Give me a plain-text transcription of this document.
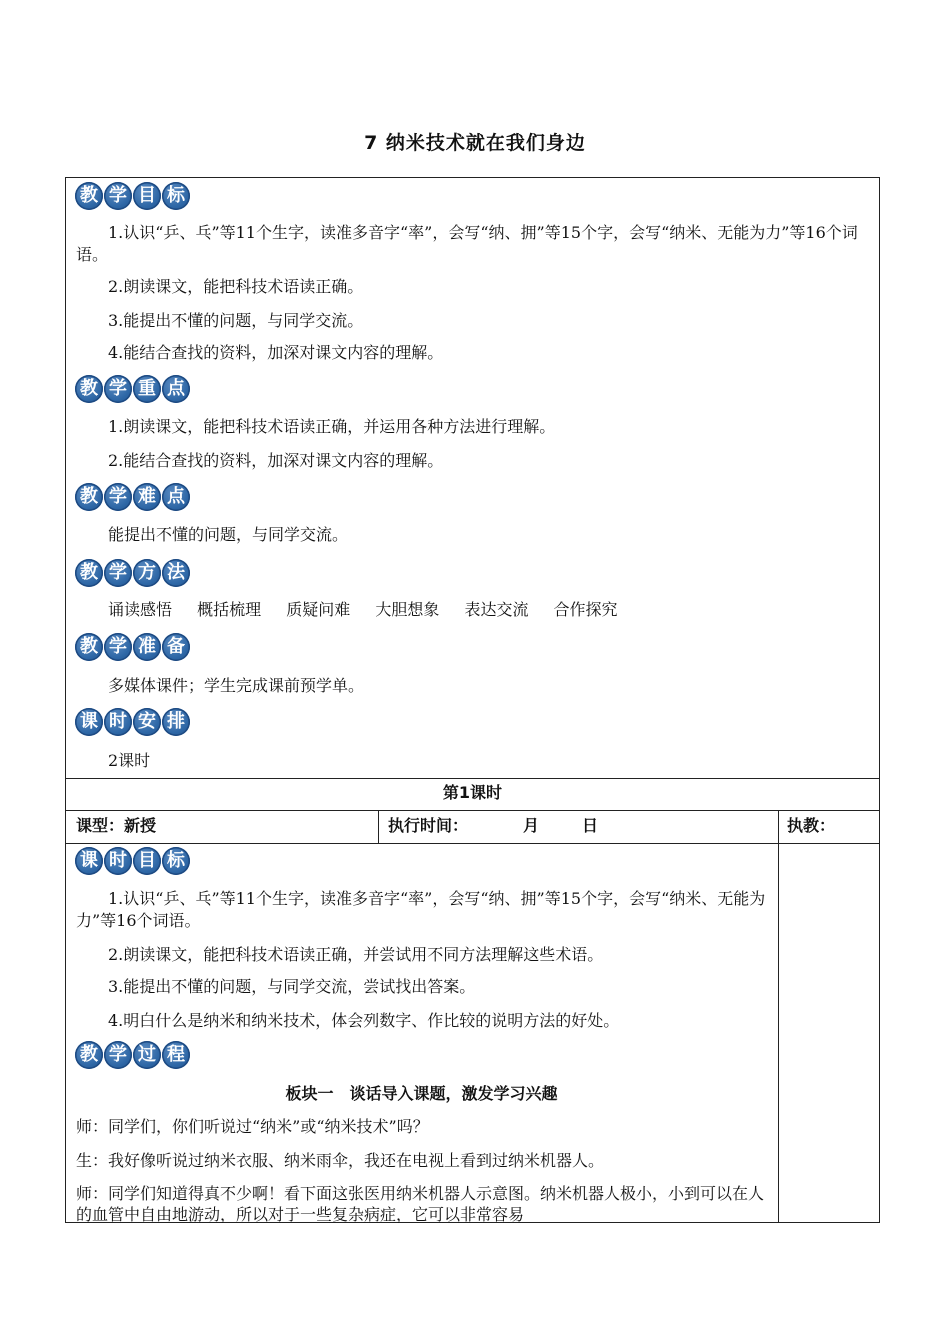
7 纳米技术就在我们身边
教 学 目 标
1.认识“乒、乓”等11个生字，读准多音字“率”，会写“纳、拥”等15个字，会写“纳米、无能为力”等16个词语。
2.朗读课文，能把科技术语读正确。
3.能提出不懂的问题，与同学交流。
4.能结合查找的资料，加深对课文内容的理解。
教 学 重 点
1.朗读课文，能把科技术语读正确，并运用各种方法进行理解。
2.能结合查找的资料，加深对课文内容的理解。
教 学 难 点
能提出不懂的问题，与同学交流。
教 学 方 法
诵读感悟 概括梳理 质疑问难 大胆想象 表达交流 合作探究
教 学 准 备
多媒体课件；学生完成课前预学单。
课 时 安 排
2课时
第1课时
课型：新授	执行时间：	月	日	执教：
课 时 目 标
1.认识“乒、乓”等11个生字，读准多音字“率”，会写“纳、拥”等15个字，会写“纳米、无能为力”等16个词语。
2.朗读课文，能把科技术语读正确，并尝试用不同方法理解这些术语。
3.能提出不懂的问题，与同学交流，尝试找出答案。
4.明白什么是纳米和纳米技术，体会列数字、作比较的说明方法的好处。
教 学 过 程
板块一　谈话导入课题，激发学习兴趣
师：同学们，你们听说过“纳米”或“纳米技术”吗？
生：我好像听说过纳米衣服、纳米雨伞，我还在电视上看到过纳米机器人。
师：同学们知道得真不少啊！看下面这张医用纳米机器人示意图。纳米机器人极小，小到可以在人的血管中自由地游动，所以对于一些复杂病症，它可以非常容易
